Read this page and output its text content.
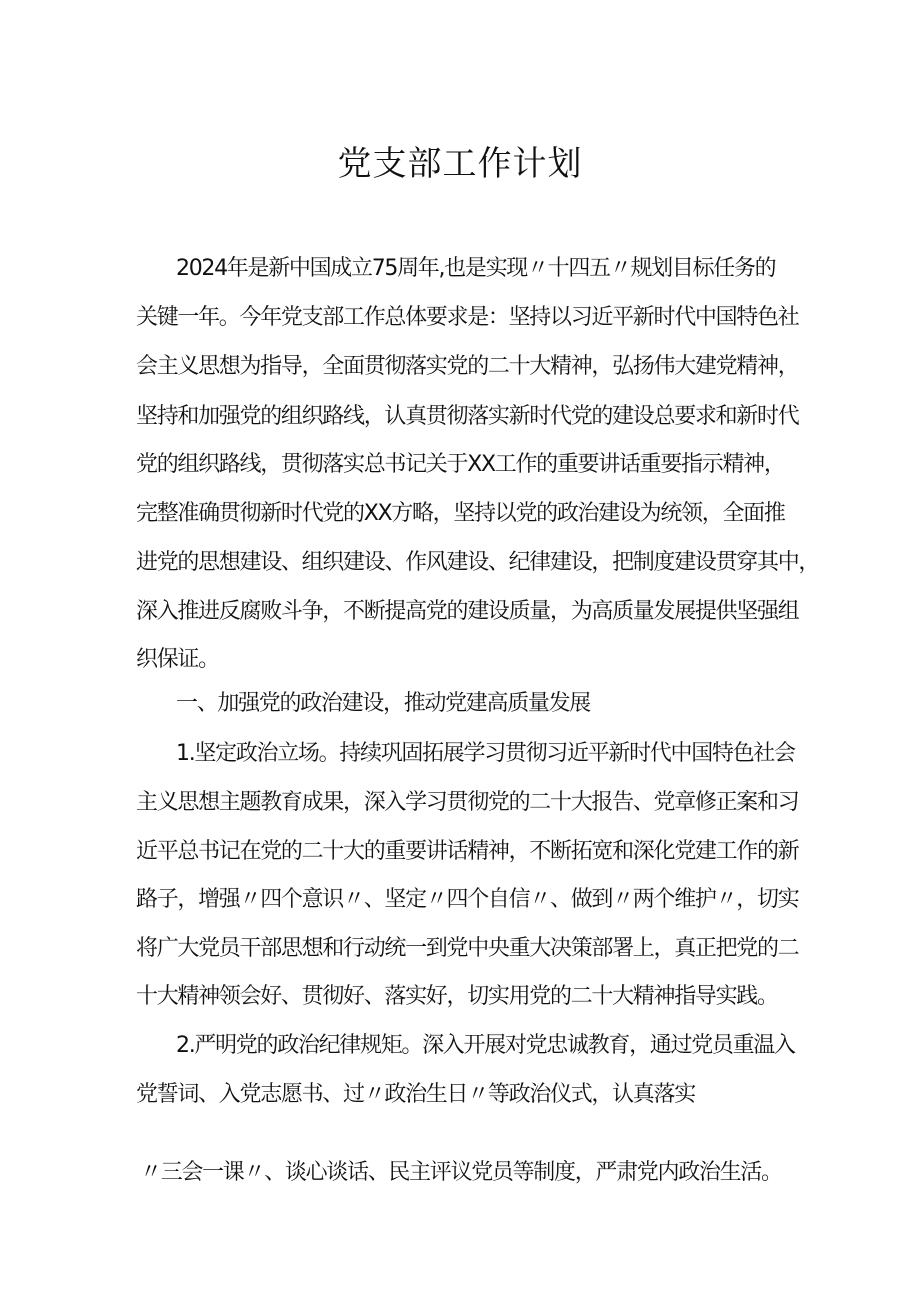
党支部工作计划
2024年是新中国成立75周年,也是实现〃十四五〃规划目标任务的
关键一年。今年党支部工作总体要求是：坚持以习近平新时代中国特色社
会主义思想为指导，全面贯彻落实党的二十大精神，弘扬伟大建党精神，
坚持和加强党的组织路线，认真贯彻落实新时代党的建设总要求和新时代
党的组织路线，贯彻落实总书记关于XX工作的重要讲话重要指示精神，
完整准确贯彻新时代党的XX方略，坚持以党的政治建设为统领，全面推
进党的思想建设、组织建设、作风建设、纪律建设，把制度建设贯穿其中，
深入推进反腐败斗争，不断提高党的建设质量，为高质量发展提供坚强组
织保证。
一、加强党的政治建设，推动党建高质量发展
1.坚定政治立场。持续巩固拓展学习贯彻习近平新时代中国特色社会
主义思想主题教育成果，深入学习贯彻党的二十大报告、党章修正案和习
近平总书记在党的二十大的重要讲话精神，不断拓宽和深化党建工作的新
路子，增强〃四个意识〃、坚定〃四个自信〃、做到〃两个维护〃，切实
将广大党员干部思想和行动统一到党中央重大决策部署上，真正把党的二
十大精神领会好、贯彻好、落实好，切实用党的二十大精神指导实践。
2.严明党的政治纪律规矩。深入开展对党忠诚教育，通过党员重温入
党誓词、入党志愿书、过〃政治生日〃等政治仪式，认真落实
〃三会一课〃、谈心谈话、民主评议党员等制度，严肃党内政治生活。
